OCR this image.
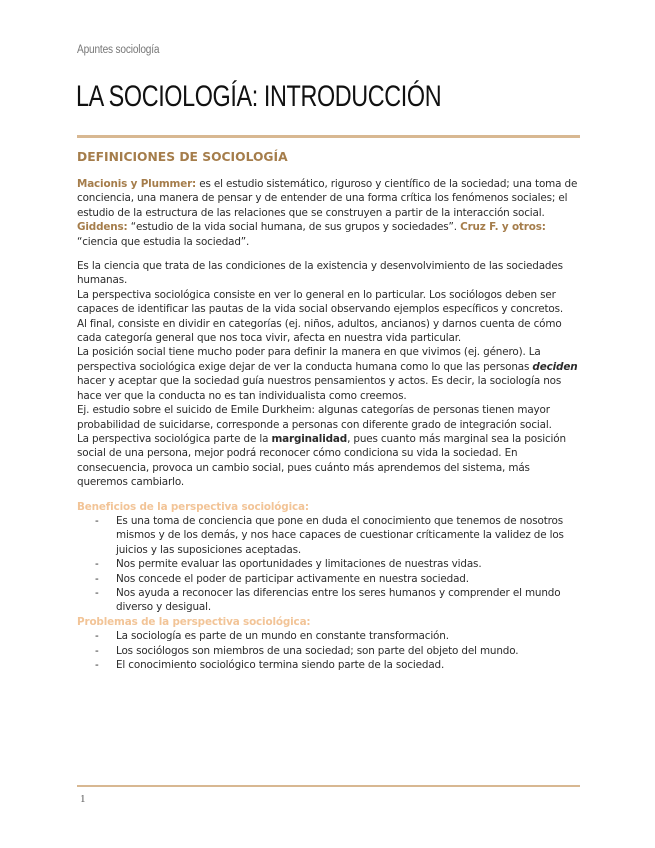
Apuntes sociología
LA SOCIOLOGÍA: INTRODUCCIÓN
DEFINICIONES DE SOCIOLOGÍA

Macionis y Plummer: es el estudio sistemático, riguroso y científico de la sociedad; una toma de conciencia, una manera de pensar y de entender de una forma crítica los fenómenos sociales; el estudio de la estructura de las relaciones que se construyen a partir de la interacción social. Giddens: “estudio de la vida social humana, de sus grupos y sociedades”. Cruz F. y otros: “ciencia que estudia la sociedad”.

Es la ciencia que trata de las condiciones de la existencia y desenvolvimiento de las sociedades humanas.

La perspectiva sociológica consiste en ver lo general en lo particular. Los sociólogos deben ser capaces de identificar las pautas de la vida social observando ejemplos específicos y concretos.

Al final, consiste en dividir en categorías (ej. niños, adultos, ancianos) y darnos cuenta de cómo cada categoría general que nos toca vivir, afecta en nuestra vida particular.

La posición social tiene mucho poder para definir la manera en que vivimos (ej. género). La perspectiva sociológica exige dejar de ver la conducta humana como lo que las personas deciden hacer y aceptar que la sociedad guía nuestros pensamientos y actos. Es decir, la sociología nos hace ver que la conducta no es tan individualista como creemos.

Ej. estudio sobre el suicido de Emile Durkheim: algunas categorías de personas tienen mayor probabilidad de suicidarse, corresponde a personas con diferente grado de integración social.

La perspectiva sociológica parte de la marginalidad, pues cuanto más marginal sea la posición social de una persona, mejor podrá reconocer cómo condiciona su vida la sociedad. En consecuencia, provoca un cambio social, pues cuánto más aprendemos del sistema, más queremos cambiarlo.

Beneficios de la perspectiva sociológica:

- Es una toma de conciencia que pone en duda el conocimiento que tenemos de nosotros mismos y de los demás, y nos hace capaces de cuestionar críticamente la validez de los juicios y las suposiciones aceptadas.
- Nos permite evaluar las oportunidades y limitaciones de nuestras vidas.
- Nos concede el poder de participar activamente en nuestra sociedad.
- Nos ayuda a reconocer las diferencias entre los seres humanos y comprender el mundo diverso y desigual.

Problemas de la perspectiva sociológica:

- La sociología es parte de un mundo en constante transformación.
- Los sociólogos son miembros de una sociedad; son parte del objeto del mundo.
- El conocimiento sociológico termina siendo parte de la sociedad.
1
